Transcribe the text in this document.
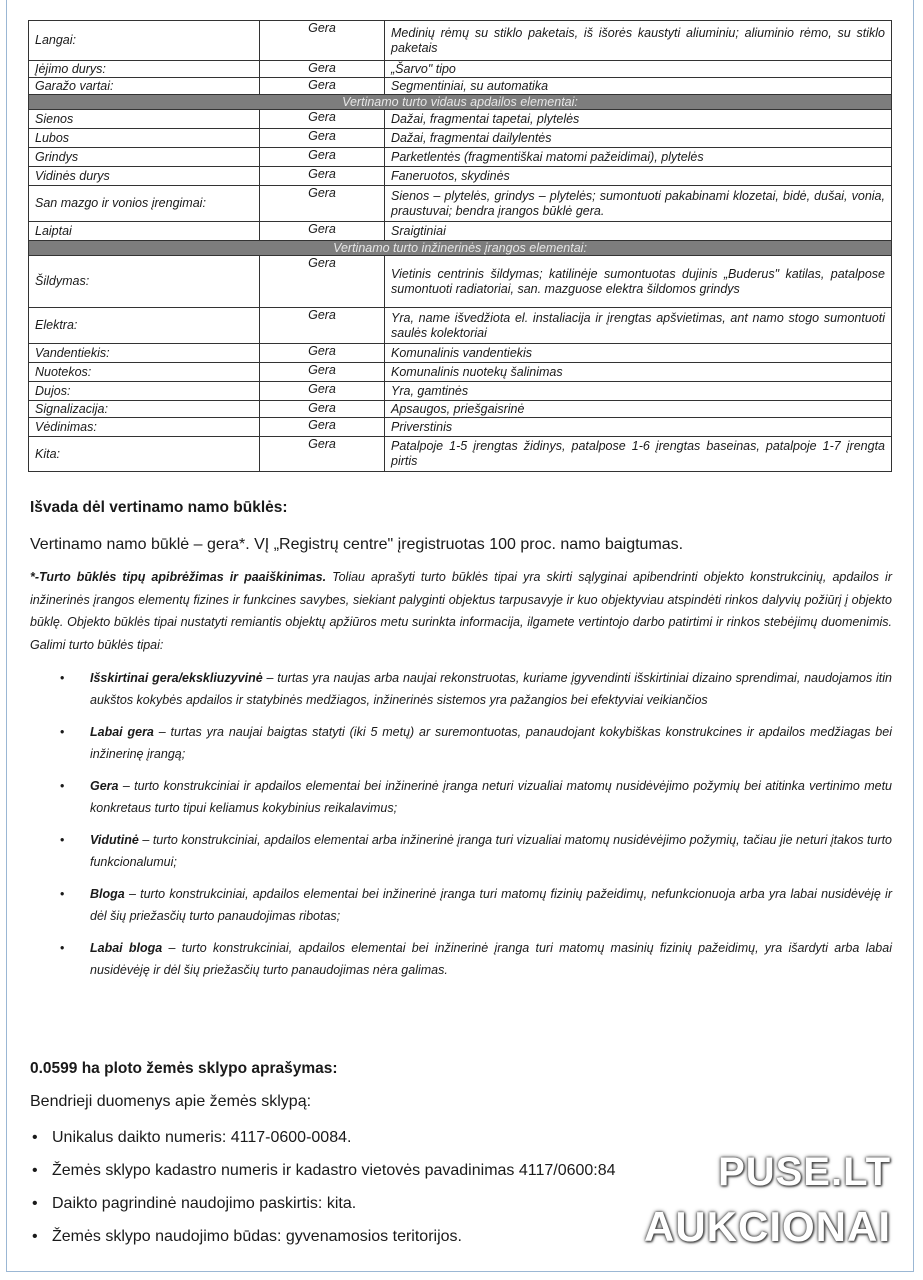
Langai:	Gera	Medinių rėmų su stiklo paketais, iš išorės kaustyti aliuminiu; aliuminio rėmo, su stiklo paketais
Įėjimo durys:	Gera	„Šarvo" tipo
Garažo vartai:	Gera	Segmentiniai, su automatika
Vertinamo turto vidaus apdailos elementai:		
Sienos	Gera	Dažai, fragmentai tapetai, plytelės
Lubos	Gera	Dažai, fragmentai dailylentės
Grindys	Gera	Parketlentės (fragmentiškai matomi pažeidimai), plytelės
Vidinės durys	Gera	Faneruotos, skydinės
San mazgo ir vonios įrengimai:	Gera	Sienos – plytelės, grindys – plytelės; sumontuoti pakabinami klozetai, bidė, dušai, vonia, praustuvai; bendra įrangos būklė gera.
Laiptai	Gera	Sraigtiniai
Vertinamo turto inžinerinės įrangos elementai:		
Šildymas:	Gera	Vietinis centrinis šildymas; katilinėje sumontuotas dujinis „Buderus" katilas, patalpose sumontuoti radiatoriai, san. mazguose elektra šildomos grindys
Elektra:	Gera	Yra, name išvedžiota el. instaliacija ir įrengtas apšvietimas, ant namo stogo sumontuoti saulės kolektoriai
Vandentiekis:	Gera	Komunalinis vandentiekis
Nuotekos:	Gera	Komunalinis nuotekų šalinimas
Dujos:	Gera	Yra, gamtinės
Signalizacija:	Gera	Apsaugos, priešgaisrinė
Vėdinimas:	Gera	Priverstinis
Kita:	Gera	Patalpoje 1-5 įrengtas židinys, patalpose 1-6 įrengtas baseinas, patalpoje 1-7 įrengta pirtis
Išvada dėl vertinamo namo būklės:
Vertinamo namo būklė – gera*. VĮ „Registrų centre" įregistruotas 100 proc. namo baigtumas.
*-Turto būklės tipų apibrėžimas ir paaiškinimas. Toliau aprašyti turto būklės tipai yra skirti sąlyginai apibendrinti objekto konstrukcinių, apdailos ir inžinerinės įrangos elementų fizines ir funkcines savybes, siekiant palyginti objektus tarpusavyje ir kuo objektyviau atspindėti rinkos dalyvių požiūrį į objekto būklę. Objekto būklės tipai nustatyti remiantis objektų apžiūros metu surinkta informacija, ilgamete vertintojo darbo patirtimi ir rinkos stebėjimų duomenimis. Galimi turto būklės tipai:
• Išskirtinai gera/ekskliuzyvinė – turtas yra naujas arba naujai rekonstruotas, kuriame įgyvendinti išskirtiniai dizaino sprendimai, naudojamos itin aukštos kokybės apdailos ir statybinės medžiagos, inžinerinės sistemos yra pažangios bei efektyviai veikiančios
• Labai gera – turtas yra naujai baigtas statyti (iki 5 metų) ar suremontuotas, panaudojant kokybiškas konstrukcines ir apdailos medžiagas bei inžinerinę įrangą;
• Gera – turto konstrukciniai ir apdailos elementai bei inžinerinė įranga neturi vizualiai matomų nusidėvėjimo požymių bei atitinka vertinimo metu konkretaus turto tipui keliamus kokybinius reikalavimus;
• Vidutinė – turto konstrukciniai, apdailos elementai arba inžinerinė įranga turi vizualiai matomų nusidėvėjimo požymių, tačiau jie neturi įtakos turto funkcionalumui;
• Bloga – turto konstrukciniai, apdailos elementai bei inžinerinė įranga turi matomų fizinių pažeidimų, nefunkcionuoja arba yra labai nusidėvėję ir dėl šių priežasčių turto panaudojimas ribotas;
• Labai bloga – turto konstrukciniai, apdailos elementai bei inžinerinė įranga turi matomų masinių fizinių pažeidimų, yra išardyti arba labai nusidėvėję ir dėl šių priežasčių turto panaudojimas nėra galimas.
0.0599 ha ploto žemės sklypo aprašymas:
Bendrieji duomenys apie žemės sklypą:
• Unikalus daikto numeris: 4117-0600-0084.
• Žemės sklypo kadastro numeris ir kadastro vietovės pavadinimas 4117/0600:84
• Daikto pagrindinė naudojimo paskirtis: kita.
• Žemės sklypo naudojimo būdas: gyvenamosios teritorijos.
PUSE.LT
AUKCIONAI
